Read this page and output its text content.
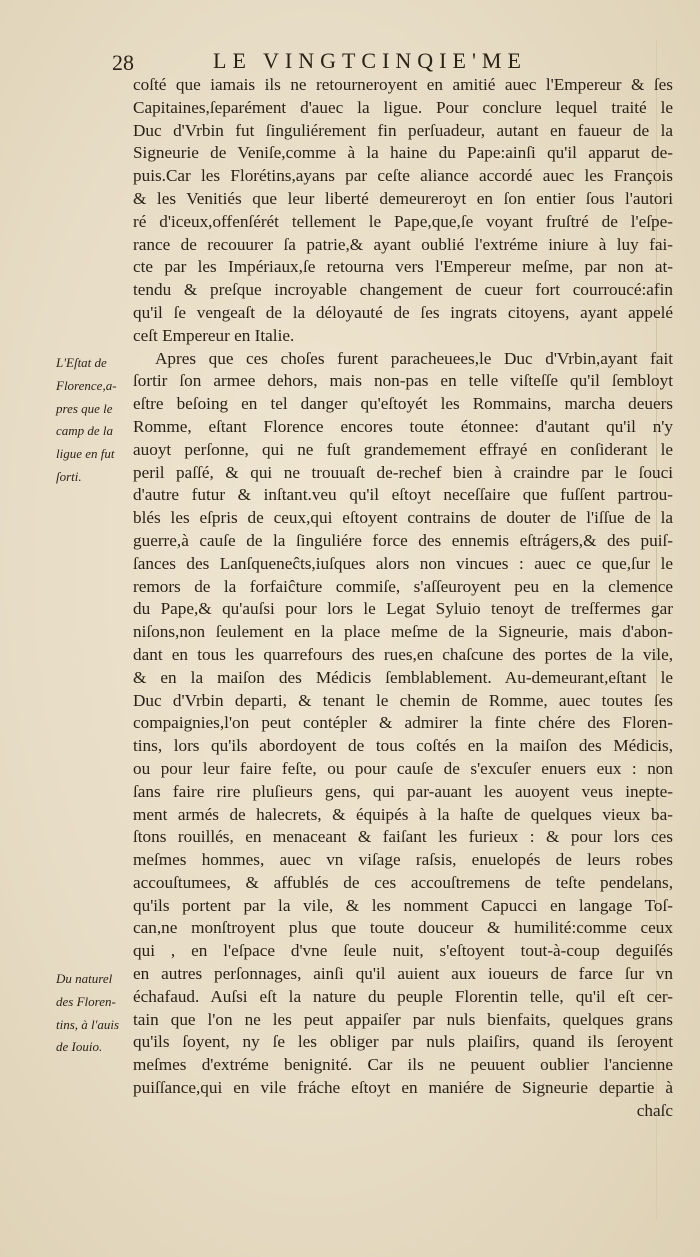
28	LE VINGTCINQIE'ME
L'Eſtat de
Florence,a-
pres que le
camp de la
ligue en fut
ſorti.
Du naturel
des Floren-
tins, à l'auis
de Iouio.
coſté que iamais ils ne retourneroyent en amitié auec l'Empereur & ſes
Capitaines,ſeparément d'auec la ligue. Pour conclure lequel traité le
Duc d'Vrbin fut ſinguliérement fin perſuadeur, autant en faueur de la
Signeurie de Veniſe,comme à la haine du Pape:ainſi qu'il apparut de-
puis.Car les Florétins,ayans par ceſte aliance accordé auec les François
& les Venitiés que leur liberté demeureroyt en ſon entier ſous l'autori
ré d'iceux,offenſérét tellement le Pape,que,ſe voyant fruſtré de l'eſpe-
rance de recouurer ſa patrie,& ayant oublié l'extréme iniure à luy fai-
cte par les Impériaux,ſe retourna vers l'Empereur meſme, par non at-
tendu & preſque incroyable changement de cueur fort courroucé:afin
qu'il ſe vengeaſt de la déloyauté de ſes ingrats citoyens, ayant appelé
ceſt Empereur en Italie.
Apres que ces choſes furent paracheuees,le Duc d'Vrbin,ayant fait
ſortir ſon armee dehors, mais non-pas en telle viſteſſe qu'il ſembloyt
eſtre beſoing en tel danger qu'eſtoyét les Rommains, marcha deuers
Romme, eſtant Florence encores toute étonnee: d'autant qu'il n'y
auoyt perſonne, qui ne fuſt grandemement effrayé en conſiderant le
peril paſſé, & qui ne trouuaſt de-rechef bien à craindre par le ſouci
d'autre futur & inſtant.veu qu'il eſtoyt neceſſaire que fuſſent partrou-
blés les eſpris de ceux,qui eſtoyent contrains de douter de l'iſſue de la
guerre,à cauſe de la ſinguliére force des ennemis eſtrágers,& des puiſ-
ſances des Lanſqueneĉts,iuſques alors non vincues : auec ce que,ſur le
remors de la forfaiĉture commiſe, s'aſſeuroyent peu en la clemence
du Pape,& qu'auſsi pour lors le Legat Syluio tenoyt de treſfermes gar
niſons,non ſeulement en la place meſme de la Signeurie, mais d'abon-
dant en tous les quarrefours des rues,en chaſcune des portes de la vile,
& en la maiſon des Médicis ſemblablement. Au-demeurant,eſtant le
Duc d'Vrbin departi, & tenant le chemin de Romme, auec toutes ſes
compaignies,l'on peut contépler & admirer la finte chére des Floren-
tins, lors qu'ils abordoyent de tous coſtés en la maiſon des Médicis,
ou pour leur faire feſte, ou pour cauſe de s'excuſer enuers eux : non
ſans faire rire pluſieurs gens, qui par-auant les auoyent veus inepte-
ment armés de halecrets, & équipés à la haſte de quelques vieux ba-
ſtons rouillés, en menaceant & faiſant les furieux : & pour lors ces
meſmes hommes, auec vn viſage raſsis, enuelopés de leurs robes
accouſtumees, & affublés de ces accouſtremens de teſte pendelans,
qu'ils portent par la vile, & les nomment Capucci en langage Toſ-
can,ne monſtroyent plus que toute douceur & humilité:comme ceux
qui , en l'eſpace d'vne ſeule nuit, s'eſtoyent tout-à-coup deguiſés
en autres perſonnages, ainſi qu'il auient aux ioueurs de farce ſur vn
échafaud. Auſsi eſt la nature du peuple Florentin telle, qu'il eſt cer-
tain que l'on ne les peut appaiſer par nuls bienfaits, quelques grans
qu'ils ſoyent, ny ſe les obliger par nuls plaiſirs, quand ils ſeroyent
meſmes d'extréme benignité. Car ils ne peuuent oublier l'ancienne
puiſſance,qui en vile fráche eſtoyt en maniére de Signeurie departie à
chaſc
